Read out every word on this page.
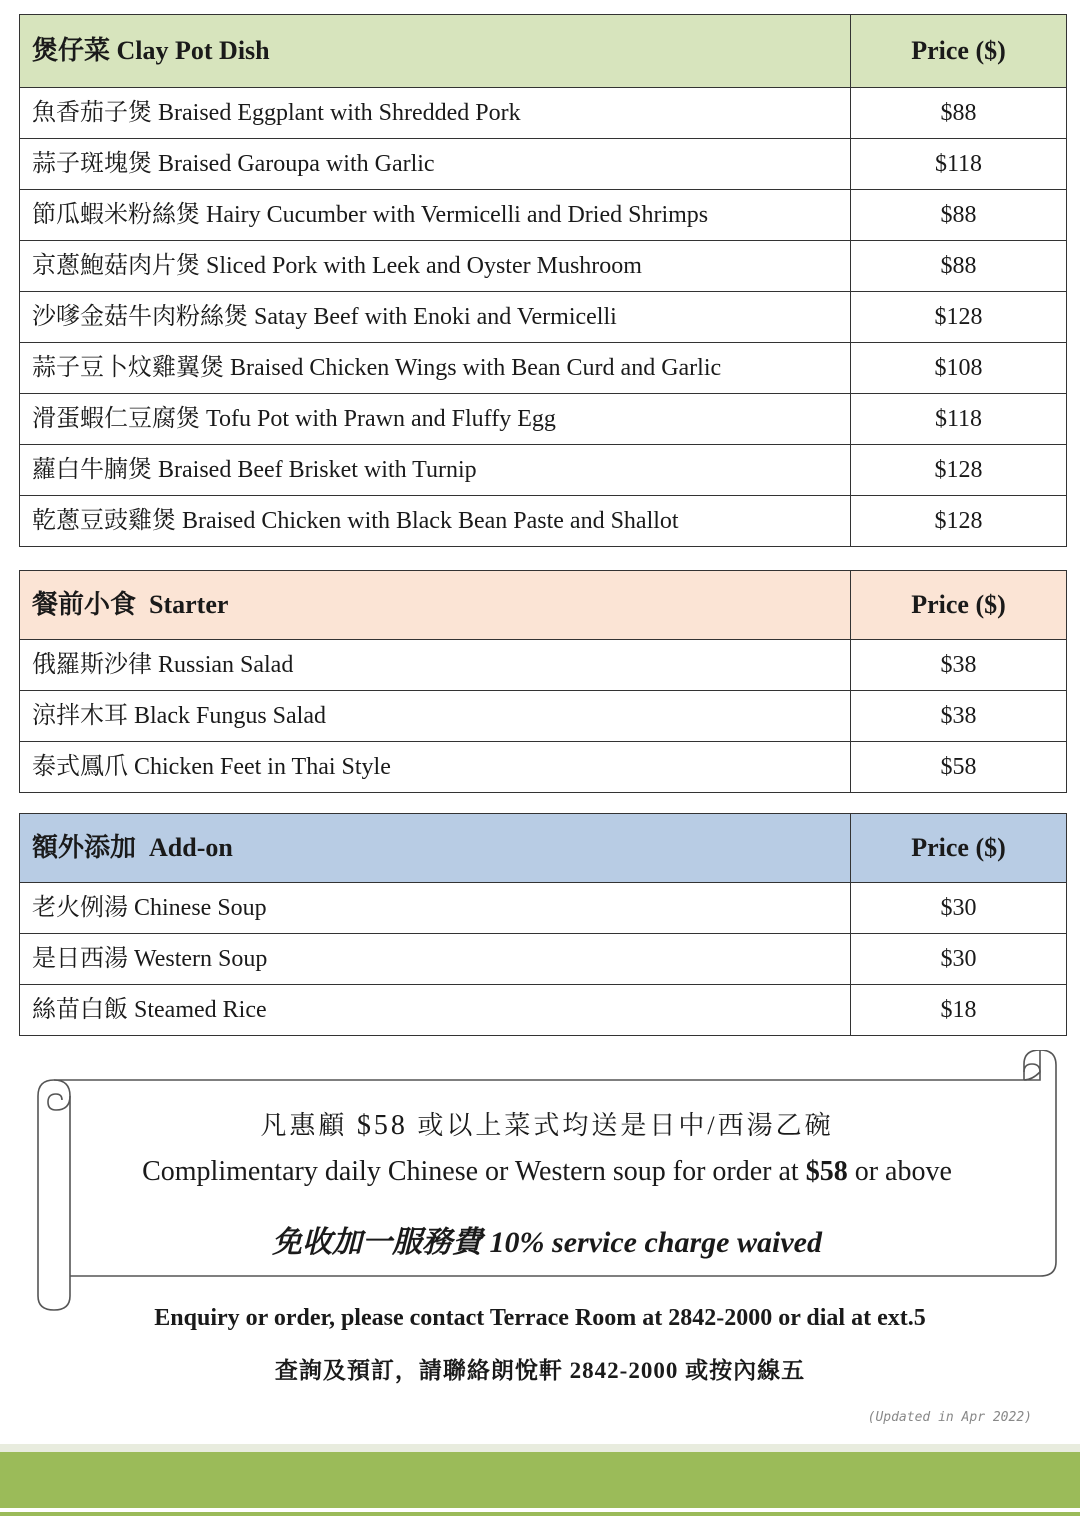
煲仔菜 Clay Pot Dish	Price ($)
魚香茄子煲 Braised Eggplant with Shredded Pork	$88
蒜子斑塊煲 Braised Garoupa with Garlic	$118
節瓜蝦米粉絲煲 Hairy Cucumber with Vermicelli and Dried Shrimps	$88
京蔥鮑菇肉片煲 Sliced Pork with Leek and Oyster Mushroom	$88
沙嗲金菇牛肉粉絲煲 Satay Beef with Enoki and Vermicelli	$128
蒜子豆卜炆雞翼煲 Braised Chicken Wings with Bean Curd and Garlic	$108
滑蛋蝦仁豆腐煲 Tofu Pot with Prawn and Fluffy Egg	$118
蘿白牛腩煲 Braised Beef Brisket with Turnip	$128
乾蔥豆豉雞煲 Braised Chicken with Black Bean Paste and Shallot	$128
餐前小食 Starter	Price ($)
俄羅斯沙律 Russian Salad	$38
涼拌木耳 Black Fungus Salad	$38
泰式鳳爪 Chicken Feet in Thai Style	$58
額外添加 Add-on	Price ($)
老火例湯 Chinese Soup	$30
是日西湯 Western Soup	$30
絲苗白飯 Steamed Rice	$18
凡惠顧 $58 或以上菜式均送是日中/西湯乙碗
Complimentary daily Chinese or Western soup for order at $58 or above
免收加一服務費 10% service charge waived
Enquiry or order, please contact Terrace Room at 2842-2000 or dial at ext.5
查詢及預訂，請聯絡朗悅軒 2842-2000 或按內線五
(Updated in Apr 2022)
